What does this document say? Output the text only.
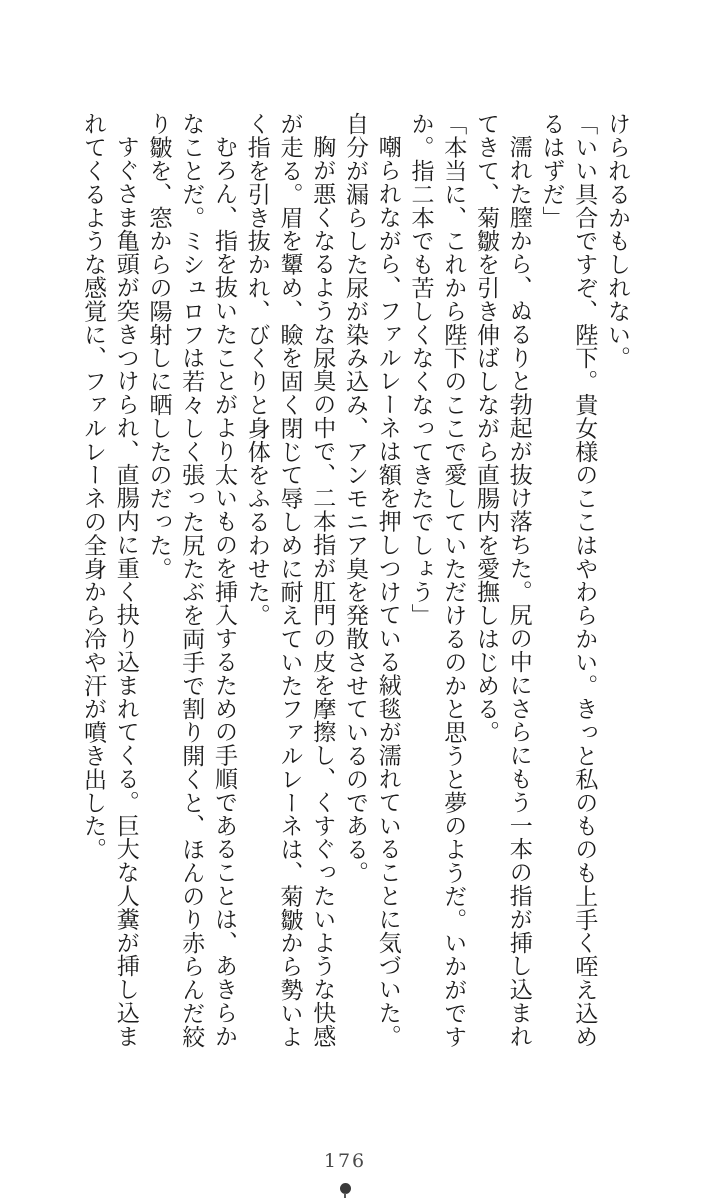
けられるかもしれない。

「いい具合ですぞ、陛下。貴女様のここはやわらかい。きっと私のものも上手く咥え込めるはずだ」

濡れた膣から、ぬるりと勃起が抜け落ちた。尻の中にさらにもう一本の指が挿し込まれてきて、菊皺を引き伸ばしながら直腸内を愛撫しはじめる。

「本当に、これから陛下のここで愛していただけるのかと思うと夢のようだ。いかがですか。指二本でも苦しくなくなってきたでしょう」

嘲られながら、ファルレーネは額を押しつけている絨毯が濡れていることに気づいた。自分が漏らした尿が染み込み、アンモニア臭を発散させているのである。

胸が悪くなるような尿臭の中で、二本指が肛門の皮を摩擦し、くすぐったいような快感が走る。眉を顰め、瞼を固く閉じて辱しめに耐えていたファルレーネは、菊皺から勢いよく指を引き抜かれ、びくりと身体をふるわせた。

むろん、指を抜いたことがより太いものを挿入するための手順であることは、あきらかなことだ。ミシュロフは若々しく張った尻たぶを両手で割り開くと、ほんのり赤らんだ絞り皺を、窓からの陽射しに晒したのだった。

すぐさま亀頭が突きつけられ、直腸内に重く抉り込まれてくる。巨大な人糞が挿し込まれてくるような感覚に、ファルレーネの全身から冷や汗が噴き出した。

176
